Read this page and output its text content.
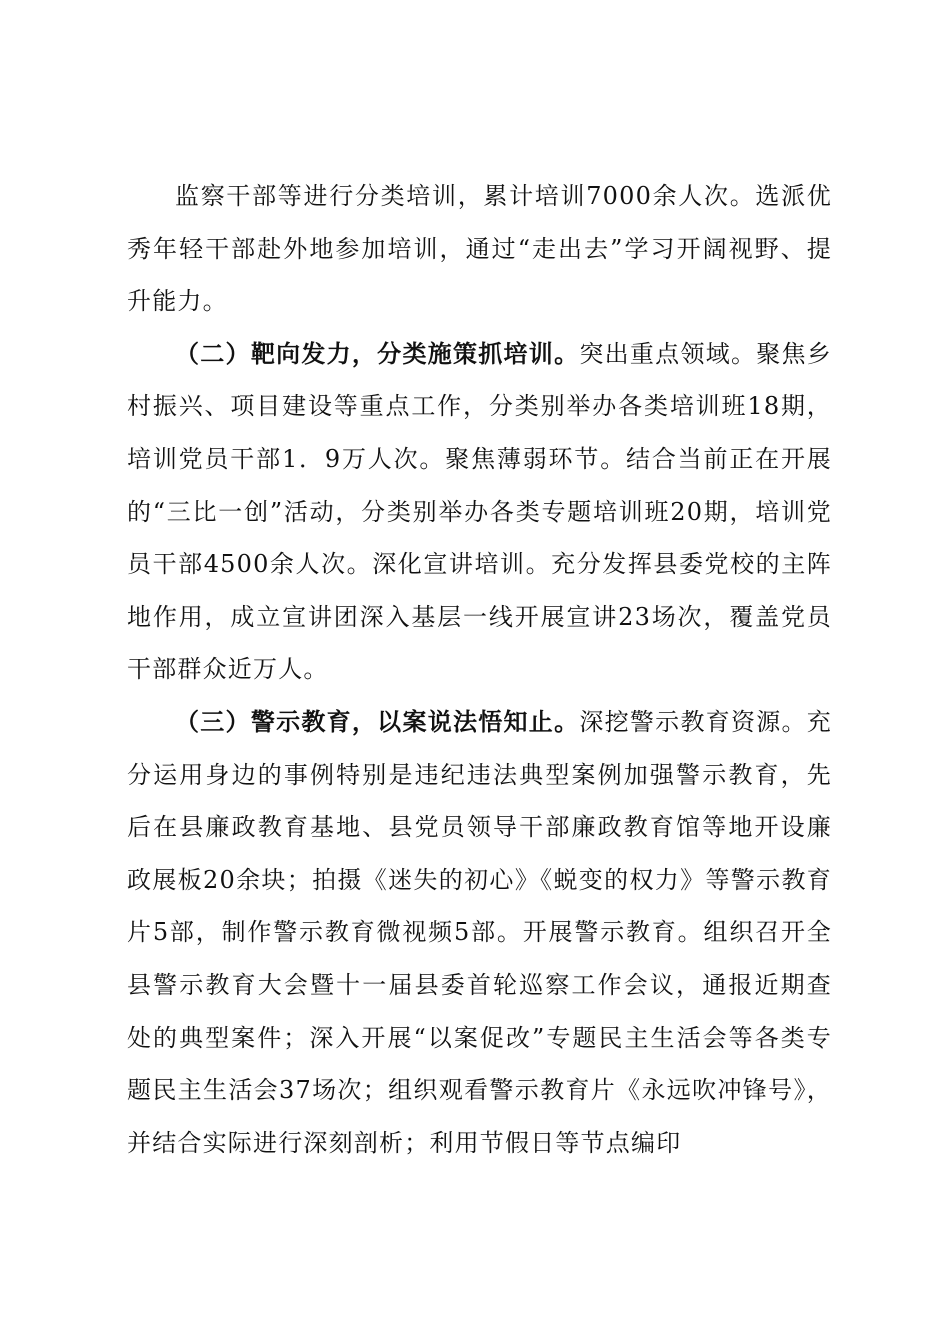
监察干部等进行分类培训，累计培训7000余人次。选派优秀年轻干部赴外地参加培训，通过“走出去”学习开阔视野、提升能力。

（二）靶向发力，分类施策抓培训。突出重点领域。聚焦乡村振兴、项目建设等重点工作，分类别举办各类培训班18期，培训党员干部1．9万人次。聚焦薄弱环节。结合当前正在开展的“三比一创”活动，分类别举办各类专题培训班20期，培训党员干部4500余人次。深化宣讲培训。充分发挥县委党校的主阵地作用，成立宣讲团深入基层一线开展宣讲23场次，覆盖党员干部群众近万人。

（三）警示教育，以案说法悟知止。深挖警示教育资源。充分运用身边的事例特别是违纪违法典型案例加强警示教育，先后在县廉政教育基地、县党员领导干部廉政教育馆等地开设廉政展板20余块；拍摄《迷失的初心》《蜕变的权力》等警示教育片5部，制作警示教育微视频5部。开展警示教育。组织召开全县警示教育大会暨十一届县委首轮巡察工作会议，通报近期查处的典型案件；深入开展“以案促改”专题民主生活会等各类专题民主生活会37场次；组织观看警示教育片《永远吹冲锋号》，并结合实际进行深刻剖析；利用节假日等节点编印
